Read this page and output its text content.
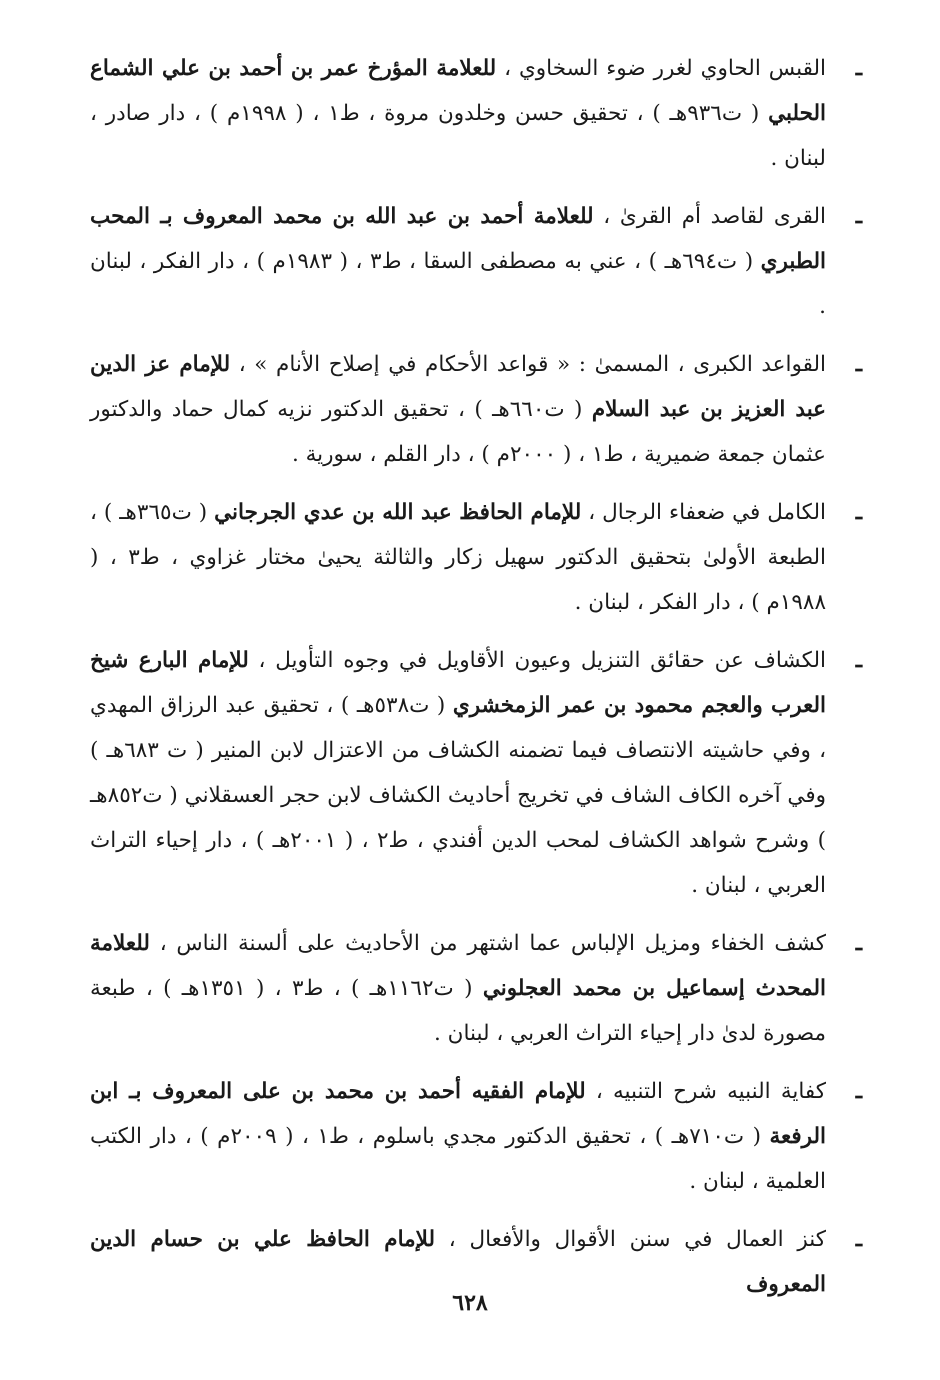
ـ
القبس الحاوي لغرر ضوء السخاوي ، للعلامة المؤرخ عمر بن أحمد بن علي الشماع الحلبي ( ت٩٣٦هـ ) ، تحقيق حسن وخلدون مروة ، ط١ ، ( ١٩٩٨م ) ، دار صادر ، لبنان .
ـ
القرى لقاصد أم القرىٰ ، للعلامة أحمد بن عبد الله بن محمد المعروف بـ المحب الطبري ( ت٦٩٤هـ ) ، عني به مصطفى السقا ، ط٣ ، ( ١٩٨٣م ) ، دار الفكر ، لبنان .
ـ
القواعد الكبرى ، المسمىٰ : « قواعد الأحكام في إصلاح الأنام » ، للإمام عز الدين عبد العزيز بن عبد السلام ( ت٦٦٠هـ ) ، تحقيق الدكتور نزيه كمال حماد والدكتور عثمان جمعة ضميرية ، ط١ ، ( ٢٠٠٠م ) ، دار القلم ، سورية .
ـ
الكامل في ضعفاء الرجال ، للإمام الحافظ عبد الله بن عدي الجرجاني ( ت٣٦٥هـ ) ، الطبعة الأولىٰ بتحقيق الدكتور سهيل زكار والثالثة يحيىٰ مختار غزاوي ، ط٣ ، ( ١٩٨٨م ) ، دار الفكر ، لبنان .
ـ
الكشاف عن حقائق التنزيل وعيون الأقاويل في وجوه التأويل ، للإمام البارع شيخ العرب والعجم محمود بن عمر الزمخشري ( ت٥٣٨هـ ) ، تحقيق عبد الرزاق المهدي ، وفي حاشيته الانتصاف فيما تضمنه الكشاف من الاعتزال لابن المنير ( ت ٦٨٣هـ ) وفي آخره الكاف الشاف في تخريج أحاديث الكشاف لابن حجر العسقلاني ( ت٨٥٢هـ ) وشرح شواهد الكشاف لمحب الدين أفندي ، ط٢ ، ( ٢٠٠١هـ ) ، دار إحياء التراث العربي ، لبنان .
ـ
كشف الخفاء ومزيل الإلباس عما اشتهر من الأحاديث على ألسنة الناس ، للعلامة المحدث إسماعيل بن محمد العجلوني ( ت١١٦٢هـ ) ، ط٣ ، ( ١٣٥١هـ ) ، طبعة مصورة لدىٰ دار إحياء التراث العربي ، لبنان .
ـ
كفاية النبيه شرح التنبيه ، للإمام الفقيه أحمد بن محمد بن على المعروف بـ ابن الرفعة ( ت٧١٠هـ ) ، تحقيق الدكتور مجدي باسلوم ، ط١ ، ( ٢٠٠٩م ) ، دار الكتب العلمية ، لبنان .
ـ
كنز العمال في سنن الأقوال والأفعال ، للإمام الحافظ علي بن حسام الدين المعروف
٦٢٨
